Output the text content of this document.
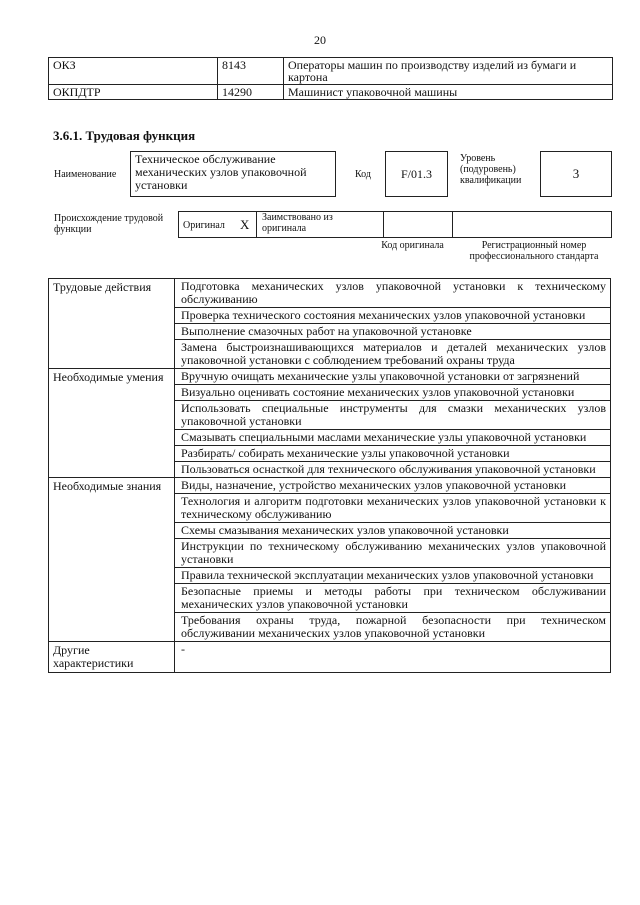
20
ОКЗ	8143	Операторы машин по производству изделий из бумаги и картона
ОКПДТР	14290	Машинист упаковочной машины
3.6.1. Трудовая функция
Наименование
Техническое обслуживание механических узлов упаковочной установки
Код	F/01.3
Уровень (подуровень) квалификации	3
Происхождение трудовой функции	Оригинал X Заимствовано из оригинала
Код оригинала	Регистрационный номер профессионального стандарта
Трудовые действия	Подготовка механических узлов упаковочной установки к техническому обслуживанию
	Проверка технического состояния механических узлов упаковочной установки
	Выполнение смазочных работ на упаковочной установке
	Замена быстроизнашивающихся материалов и деталей механических узлов упаковочной установки с соблюдением требований охраны труда
Необходимые умения	Вручную очищать механические узлы упаковочной установки от загрязнений
	Визуально оценивать состояние механических узлов упаковочной установки
	Использовать специальные инструменты для смазки механических узлов упаковочной установки
	Смазывать специальными маслами механические узлы упаковочной установки
	Разбирать/ собирать механические узлы упаковочной установки
	Пользоваться оснасткой для технического обслуживания упаковочной установки
Необходимые знания	Виды, назначение, устройство механических узлов упаковочной установки
	Технология и алгоритм подготовки механических узлов упаковочной установки к техническому обслуживанию
	Схемы смазывания механических узлов упаковочной установки
	Инструкции по техническому обслуживанию механических узлов упаковочной установки
	Правила технической эксплуатации механических узлов упаковочной установки
	Безопасные приемы и методы работы при техническом обслуживании механических узлов упаковочной установки
	Требования охраны труда, пожарной безопасности при техническом обслуживании механических узлов упаковочной установки
Другие характеристики	-
